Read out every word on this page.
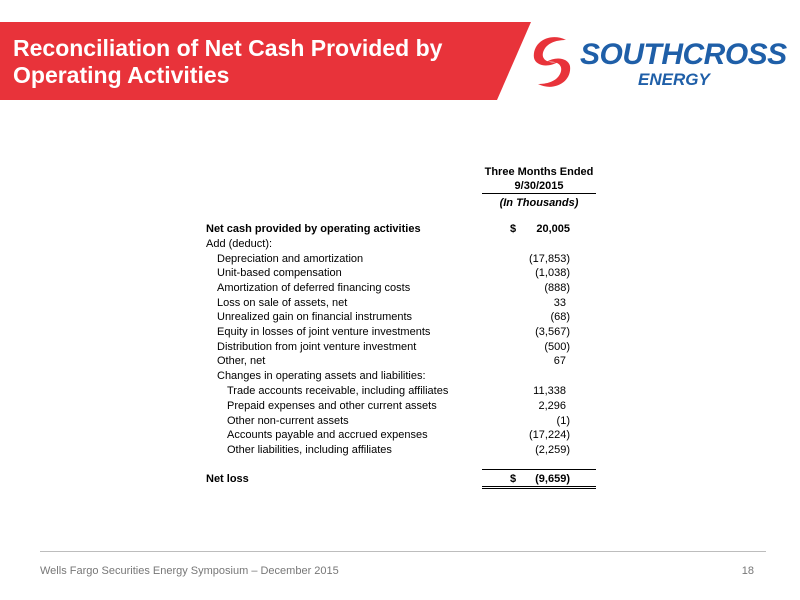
Reconciliation of Net Cash Provided by Operating Activities
SOUTHCROSS
ENERGY
Three Months Ended
9/30/2015
(In Thousands)
Net cash provided by operating activities	$ 20,005
Add (deduct):
Depreciation and amortization	(17,853)
Unit-based compensation	(1,038)
Amortization of deferred financing costs	(888)
Loss on sale of assets, net	33
Unrealized gain on financial instruments	(68)
Equity in losses of joint venture investments	(3,567)
Distribution from joint venture investment	(500)
Other, net	67
Changes in operating assets and liabilities:
Trade accounts receivable, including affiliates	11,338
Prepaid expenses and other current assets	2,296
Other non-current assets	(1)
Accounts payable and accrued expenses	(17,224)
Other liabilities, including affiliates	(2,259)
Net loss	$ (9,659)
Wells Fargo Securities Energy Symposium – December 2015	18
